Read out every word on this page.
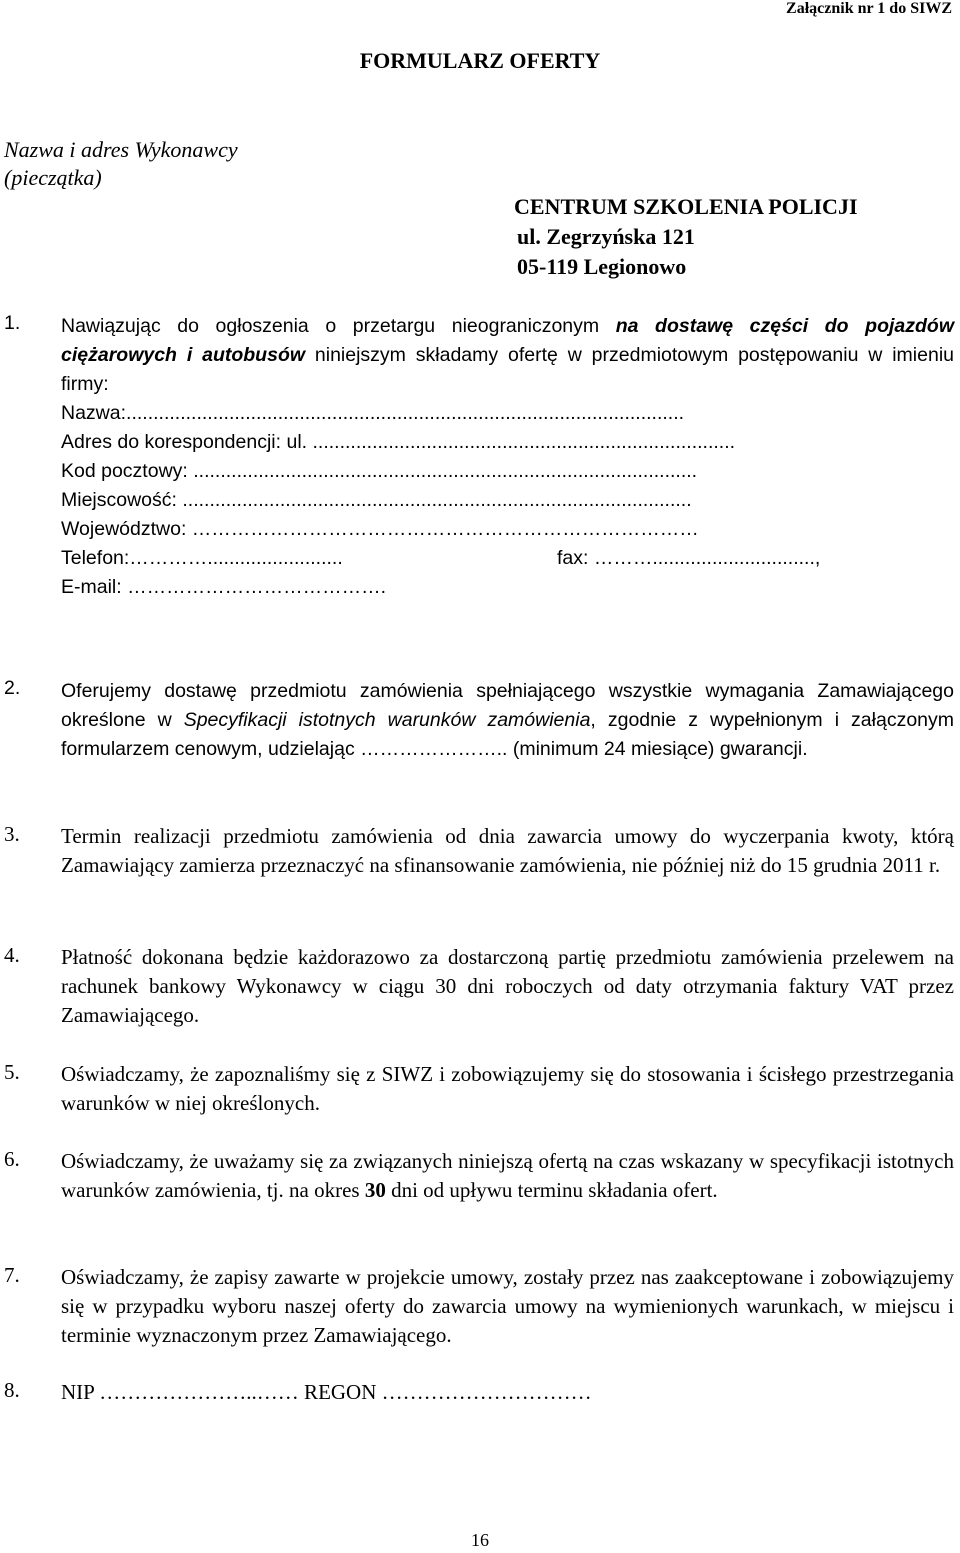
Załącznik nr 1 do SIWZ
FORMULARZ OFERTY
Nazwa i adres Wykonawcy
(pieczątka)
CENTRUM SZKOLENIA POLICJI
ul. Zegrzyńska 121
05-119 Legionowo
1. Nawiązując do ogłoszenia o przetargu nieograniczonym na dostawę części do pojazdów ciężarowych i autobusów niniejszym składamy ofertę w przedmiotowym postępowaniu w imieniu firmy:
Nazwa:.......................................................................................................
Adres do korespondencji: ul. ..............................................................................
Kod pocztowy: .............................................................................................
Miejscowość: ..............................................................................................
Województwo: ……………………………………………………………………
Telefon:………….........................	fax: ………..............................,
E-mail: ………………………………….
2. Oferujemy dostawę przedmiotu zamówienia spełniającego wszystkie wymagania Zamawiającego określone w Specyfikacji istotnych warunków zamówienia, zgodnie z wypełnionym i załączonym formularzem cenowym, udzielając ………………….. (minimum 24 miesiące) gwarancji.
3. Termin realizacji przedmiotu zamówienia od dnia zawarcia umowy do wyczerpania kwoty, którą Zamawiający zamierza przeznaczyć na sfinansowanie zamówienia, nie później niż do 15 grudnia 2011 r.
4. Płatność dokonana będzie każdorazowo za dostarczoną partię przedmiotu zamówienia przelewem na rachunek bankowy Wykonawcy w ciągu 30 dni roboczych od daty otrzymania faktury VAT przez Zamawiającego.
5. Oświadczamy, że zapoznaliśmy się z SIWZ i zobowiązujemy się do stosowania i ścisłego przestrzegania warunków w niej określonych.
6. Oświadczamy, że uważamy się za związanych niniejszą ofertą na czas wskazany w specyfikacji istotnych warunków zamówienia, tj. na okres 30 dni od upływu terminu składania ofert.
7. Oświadczamy, że zapisy zawarte w projekcie umowy, zostały przez nas zaakceptowane i zobowiązujemy się w przypadku wyboru naszej oferty do zawarcia umowy na wymienionych warunkach, w miejscu i terminie wyznaczonym przez Zamawiającego.
8. NIP …………………..…… REGON …………………………
16
